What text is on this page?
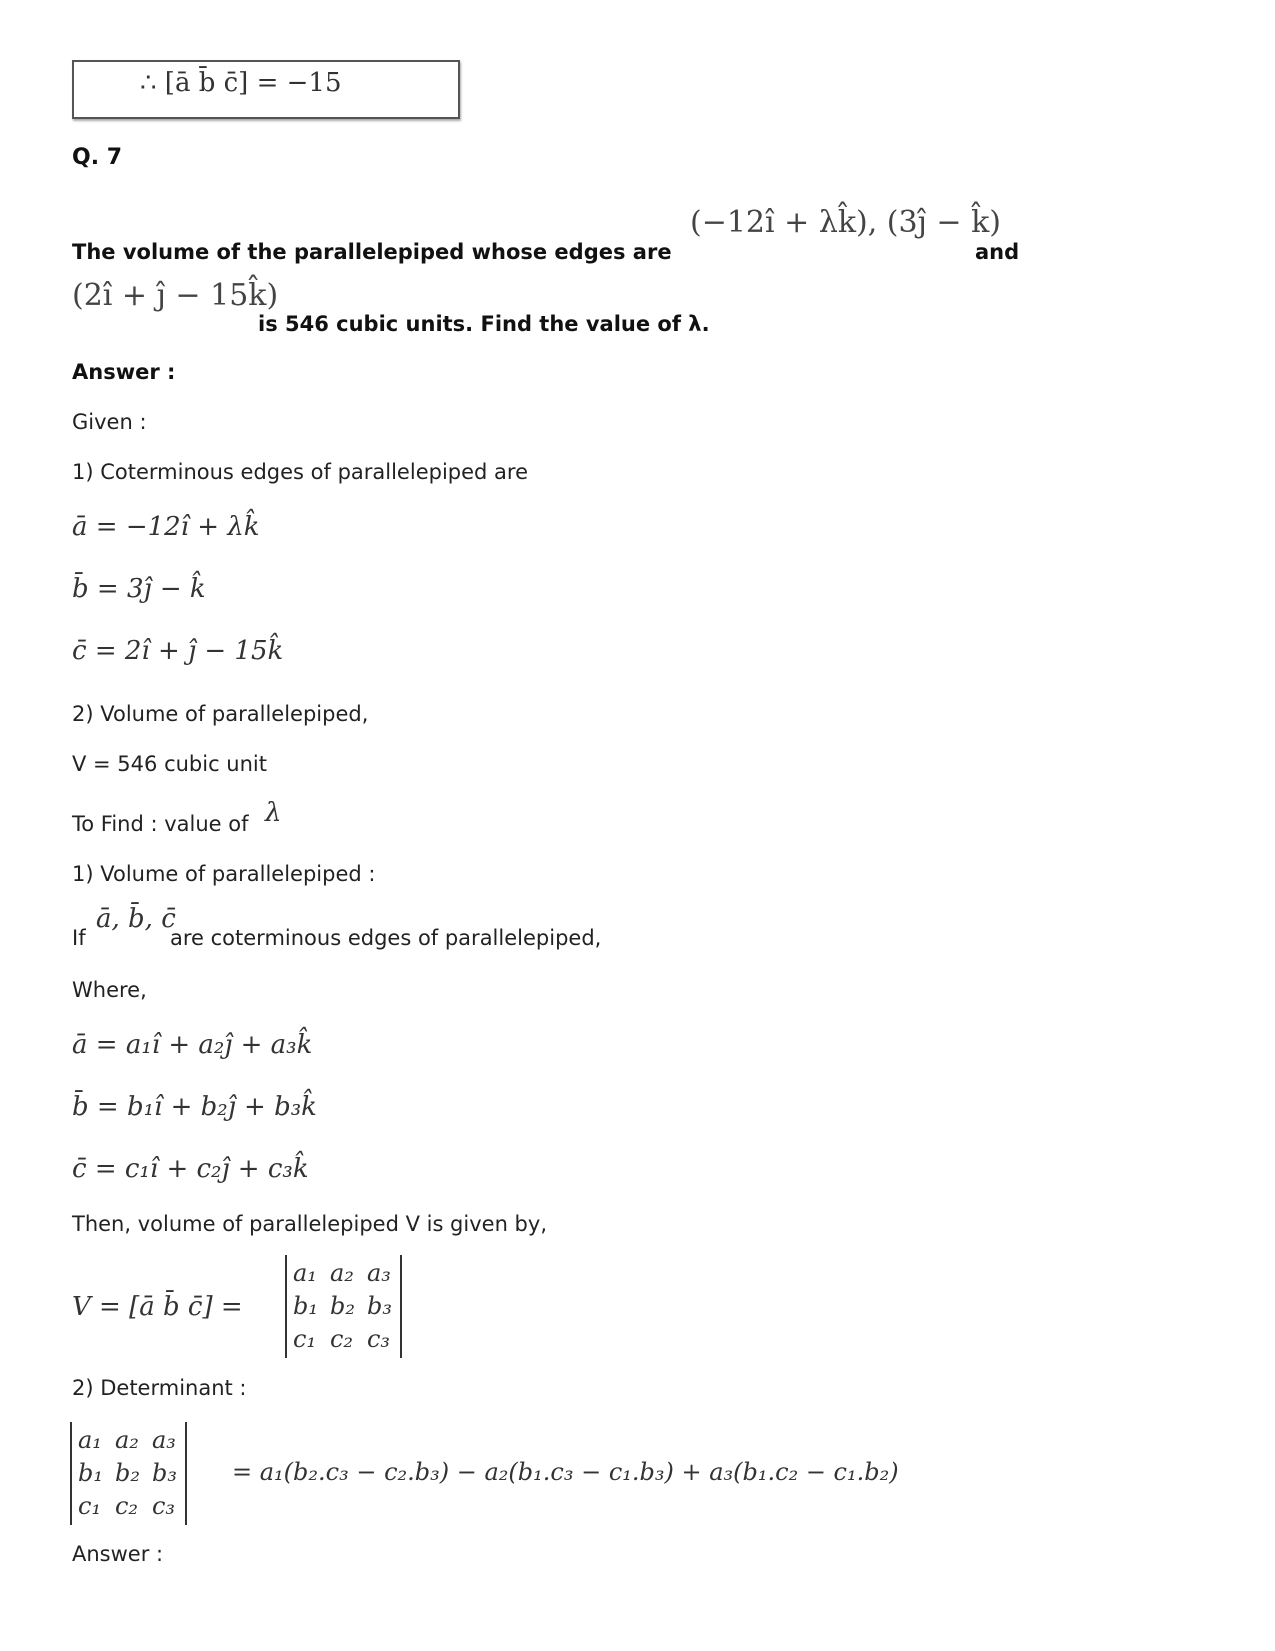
∴ [ā b̄ c̄] = −15
Q. 7
The volume of the parallelepiped whose edges are
(−12î + λk̂), (3ĵ − k̂)
and
(2î + ĵ − 15k̂)
is 546 cubic units. Find the value of λ.
Answer :
Given :
1) Coterminous edges of parallelepiped are
ā = −12î + λk̂
b̄ = 3ĵ − k̂
c̄ = 2î + ĵ − 15k̂
2) Volume of parallelepiped,
V = 546 cubic unit
To Find : value of λ
1) Volume of parallelepiped :
If
ā, b̄, c̄
are coterminous edges of parallelepiped,
Where,
ā = a₁î + a₂ĵ + a₃k̂
b̄ = b₁î + b₂ĵ + b₃k̂
c̄ = c₁î + c₂ĵ + c₃k̂
Then, volume of parallelepiped V is given by,
V = [ā b̄ c̄] =
a₁	a₂	a₃
b₁	b₂	b₃
c₁	c₂	c₃
2) Determinant :
a₁	a₂	a₃
b₁	b₂	b₃
c₁	c₂	c₃
= a₁(b₂.c₃ − c₂.b₃) − a₂(b₁.c₃ − c₁.b₃) + a₃(b₁.c₂ − c₁.b₂)
Answer :
